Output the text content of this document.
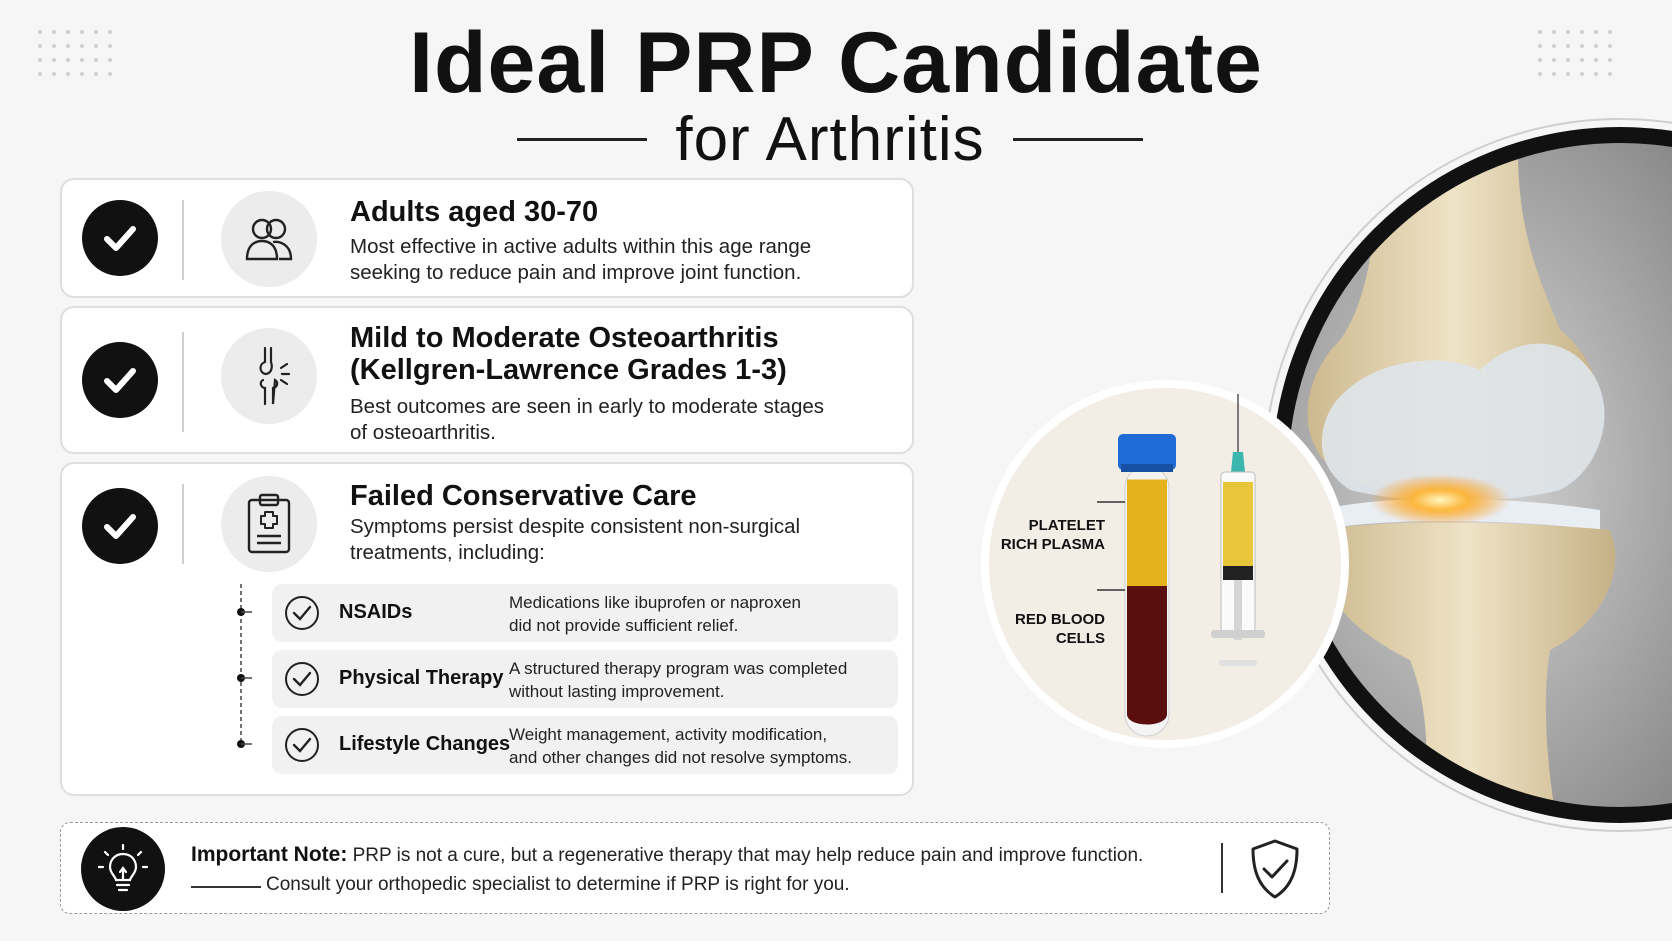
Ideal PRP Candidate
for Arthritis
Adults aged 30-70

Most effective in active adults within this age range

seeking to reduce pain and improve joint function.

Mild to Moderate Osteoarthritis
(Kellgren-Lawrence Grades 1-3)

Best outcomes are seen in early to moderate stages

of osteoarthritis.

Failed Conservative Care

Symptoms persist despite consistent non-surgical

treatments, including:

NSAIDs	Medications like ibuprofen or naproxen
did not provide sufficient relief.
Physical Therapy A structured therapy program was completed
without lasting improvement.
Lifestyle Changes
Weight management, activity modification,
and other changes did not resolve symptoms.
PLATELET
RICH PLASMA
RED BLOOD
CELLS
Important Note: PRP is not a cure, but a regenerative therapy that may help reduce pain and improve function.
Consult your orthopedic specialist to determine if PRP is right for you.
